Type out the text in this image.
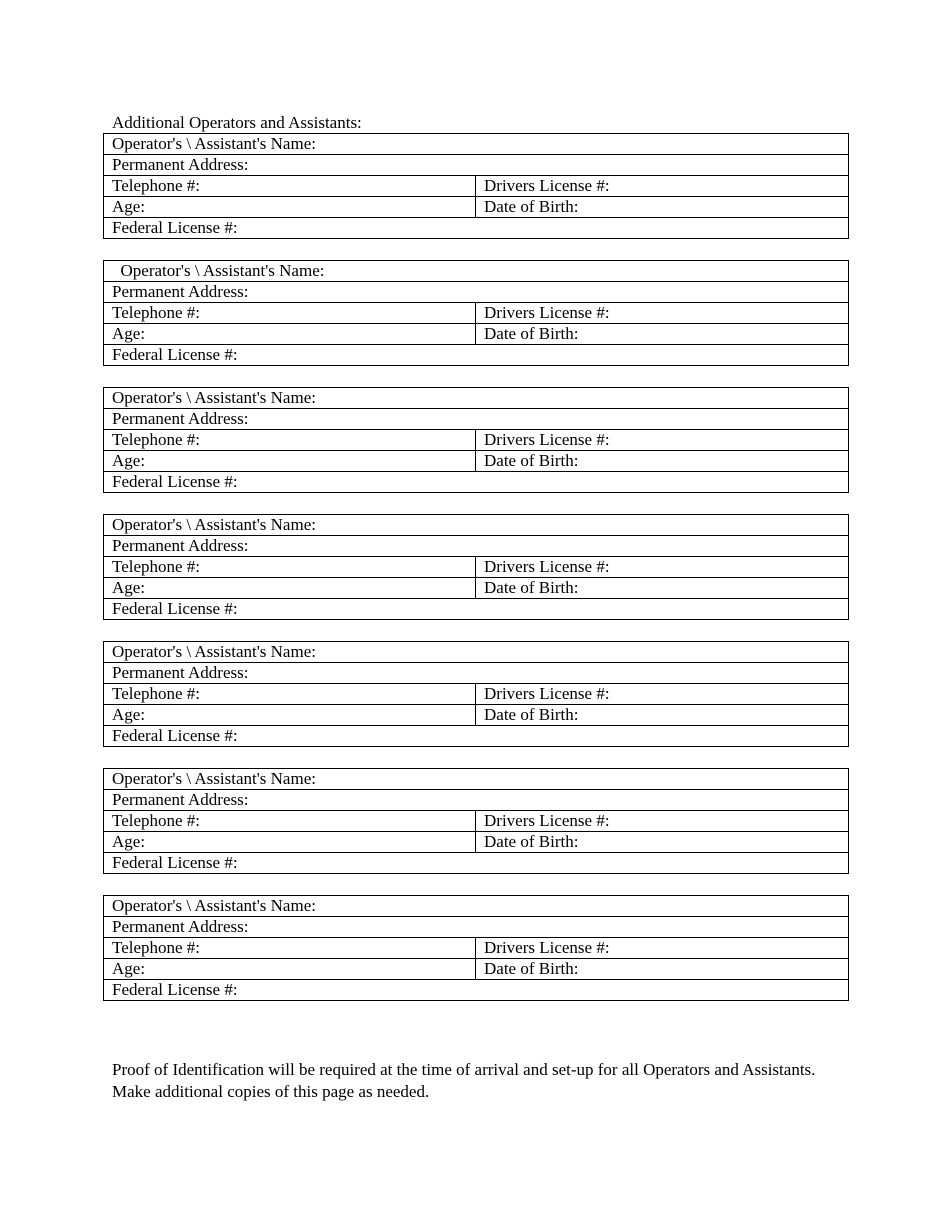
Additional Operators and Assistants:
Operator's \ Assistant's Name:	
Permanent Address:	
Telephone #:	Drivers License #:
Age:	Date of Birth:
Federal License #:	
Operator's \ Assistant's Name:	
Permanent Address:	
Telephone #:	Drivers License #:
Age:	Date of Birth:
Federal License #:	
Operator's \ Assistant's Name:	
Permanent Address:	
Telephone #:	Drivers License #:
Age:	Date of Birth:
Federal License #:	
Operator's \ Assistant's Name:	
Permanent Address:	
Telephone #:	Drivers License #:
Age:	Date of Birth:
Federal License #:	
Operator's \ Assistant's Name:	
Permanent Address:	
Telephone #:	Drivers License #:
Age:	Date of Birth:
Federal License #:	
Operator's \ Assistant's Name:	
Permanent Address:	
Telephone #:	Drivers License #:
Age:	Date of Birth:
Federal License #:	
Operator's \ Assistant's Name:	
Permanent Address:	
Telephone #:	Drivers License #:
Age:	Date of Birth:
Federal License #:	

Proof of Identification will be required at the time of arrival and set-up for all Operators and Assistants. Make additional copies of this page as needed.
